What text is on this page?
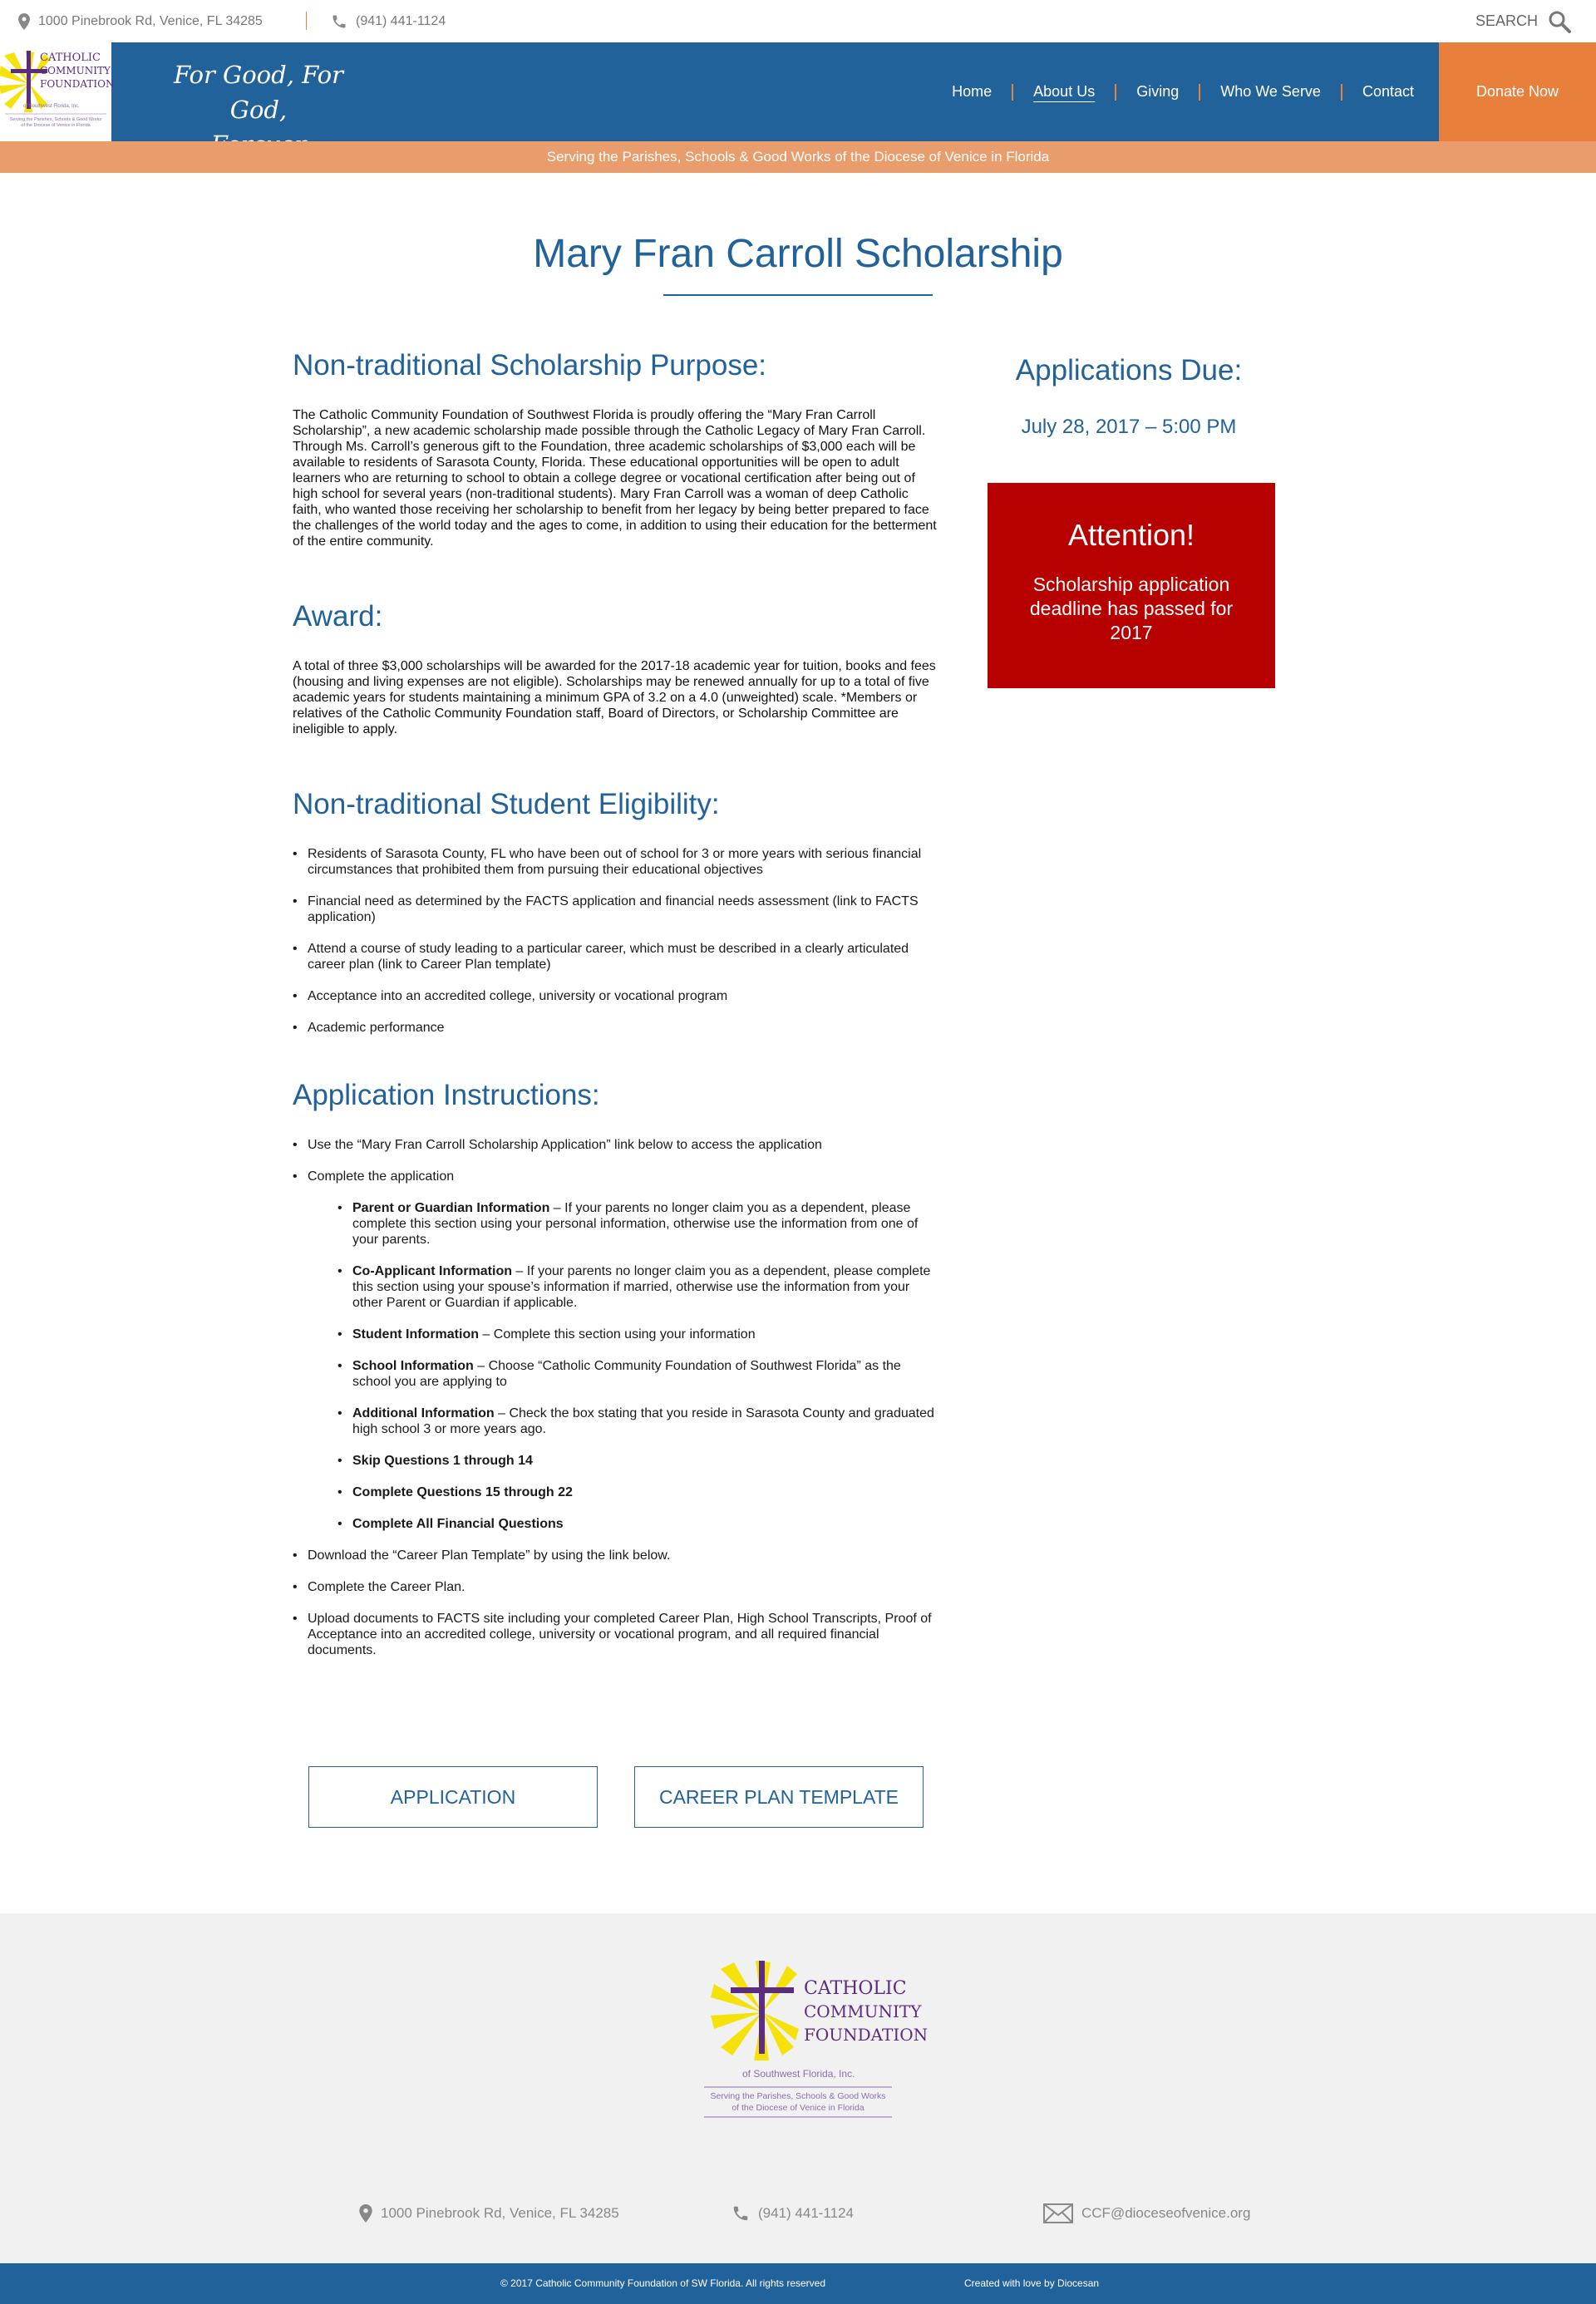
1000 Pinebrook Rd, Venice, FL 34285	(941) 441-1124	SEARCH
CATHOLIC
COMMUNITY
FOUNDATION
of Southwest Florida, Inc.
Serving the Parishes, Schools & Good Works
of the Diocese of Venice in Florida
For Good, For God,
Home	About Us	Giving	Who We Serve	Contact	Donate Now
Serving the Parishes, Schools & Good Works of the Diocese of Venice in Florida
Mary Fran Carroll Scholarship
Non-traditional Scholarship Purpose:

The Catholic Community Foundation of Southwest Florida is proudly offering the “Mary Fran Carroll Scholarship”, a new academic scholarship made possible through the Catholic Legacy of Mary Fran Carroll. Through Ms. Carroll’s generous gift to the Foundation, three academic scholarships of $3,000 each will be available to residents of Sarasota County, Florida. These educational opportunities will be open to adult learners who are returning to school to obtain a college degree or vocational certification after being out of high school for several years (non-traditional students). Mary Fran Carroll was a woman of deep Catholic faith, who wanted those receiving her scholarship to benefit from her legacy by being better prepared to face the challenges of the world today and the ages to come, in addition to using their education for the betterment of the entire community.

Award:

A total of three $3,000 scholarships will be awarded for the 2017-18 academic year for tuition, books and fees (housing and living expenses are not eligible). Scholarships may be renewed annually for up to a total of five academic years for students maintaining a minimum GPA of 3.2 on a 4.0 (unweighted) scale. *Members or relatives of the Catholic Community Foundation staff, Board of Directors, or Scholarship Committee are ineligible to apply.

Non-traditional Student Eligibility:
• Residents of Sarasota County, FL who have been out of school for 3 or more years with serious financial circumstances that prohibited them from pursuing their educational objectives
• Financial need as determined by the FACTS application and financial needs assessment (link to FACTS application)
• Attend a course of study leading to a particular career, which must be described in a clearly articulated career plan (link to Career Plan template)
• Acceptance into an accredited college, university or vocational program
• Academic performance
Application Instructions:
• Use the “Mary Fran Carroll Scholarship Application” link below to access the application
• Complete the application
• Parent or Guardian Information – If your parents no longer claim you as a dependent, please complete this section using your personal information, otherwise use the information from one of your parents.
• Co-Applicant Information – If your parents no longer claim you as a dependent, please complete this section using your spouse’s information if married, otherwise use the information from your other Parent or Guardian if applicable.
• Student Information – Complete this section using your information
• School Information – Choose “Catholic Community Foundation of Southwest Florida” as the school you are applying to
• Additional Information – Check the box stating that you reside in Sarasota County and graduated high school 3 or more years ago.
• Skip Questions 1 through 14
• Complete Questions 15 through 22
• Complete All Financial Questions
• Download the “Career Plan Template” by using the link below.
• Complete the Career Plan.
• Upload documents to FACTS site including your completed Career Plan, High School Transcripts, Proof of Acceptance into an accredited college, university or vocational program, and all required financial documents.
Applications Due:
July 28, 2017 – 5:00 PM
Attention!
Scholarship application deadline has passed for 2017
APPLICATION	CAREER PLAN TEMPLATE
CATHOLIC
COMMUNITY
FOUNDATION
of Southwest Florida, Inc.
Serving the Parishes, Schools & Good Works
of the Diocese of Venice in Florida
1000 Pinebrook Rd, Venice, FL 34285	(941) 441-1124	CCF@dioceseofvenice.org
© 2017 Catholic Community Foundation of SW Florida. All rights reserved	Created with love by Diocesan
